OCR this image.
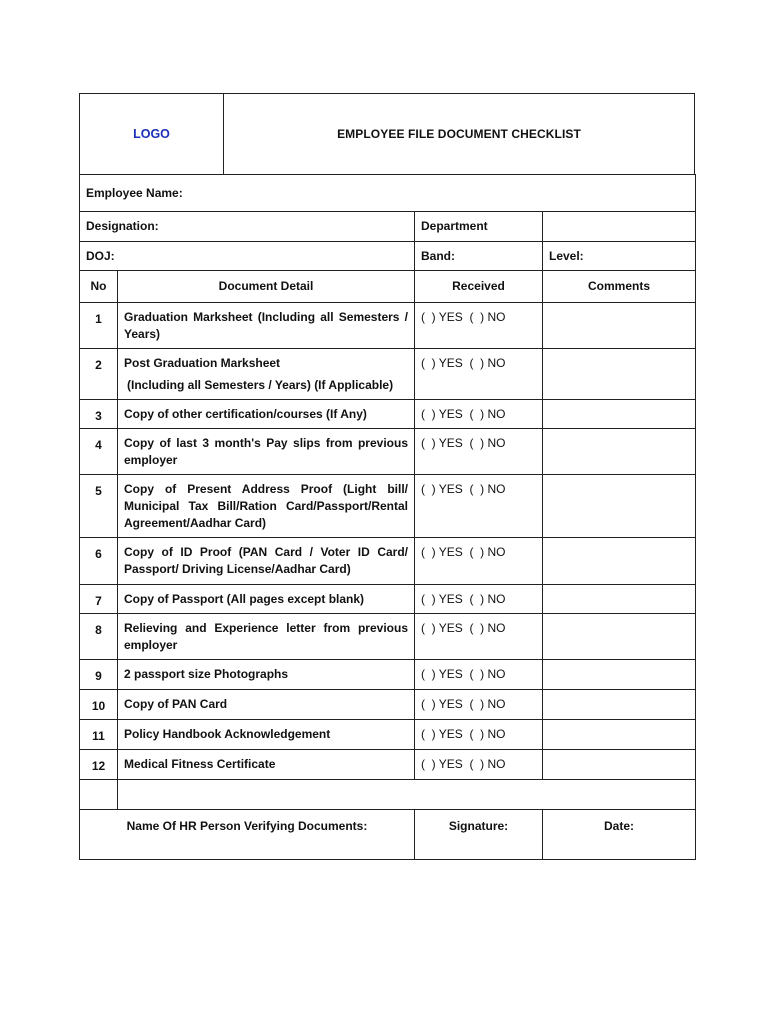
LOGO	EMPLOYEE FILE DOCUMENT CHECKLIST
Employee Name:			
Designation:		Department	
DOJ:		Band:	Level:
No	Document Detail	Received	Comments
1	Graduation Marksheet (Including all Semesters / Years)	(  ) YES  (  ) NO	
2	Post Graduation Marksheet
(Including all Semesters / Years) (If Applicable)	(  ) YES  (  ) NO	
3	Copy of other certification/courses (If Any)	(  ) YES  (  ) NO	
4	Copy of last 3 month's Pay slips from previous employer	(  ) YES  (  ) NO	
5	Copy of Present Address Proof (Light bill/ Municipal Tax Bill/Ration Card/Passport/Rental Agreement/Aadhar Card)	(  ) YES  (  ) NO	
6	Copy of ID Proof (PAN Card / Voter ID Card/ Passport/ Driving License/Aadhar Card)	(  ) YES  (  ) NO	
7	Copy of Passport (All pages except blank)	(  ) YES  (  ) NO	
8	Relieving and Experience letter from previous employer	(  ) YES  (  ) NO	
9	2 passport size Photographs	(  ) YES  (  ) NO	
10	Copy of PAN Card	(  ) YES  (  ) NO	
11	Policy Handbook Acknowledgement	(  ) YES  (  ) NO	
12	Medical Fitness Certificate	(  ) YES  (  ) NO	

Name Of HR Person Verifying Documents:		Signature:	Date:
